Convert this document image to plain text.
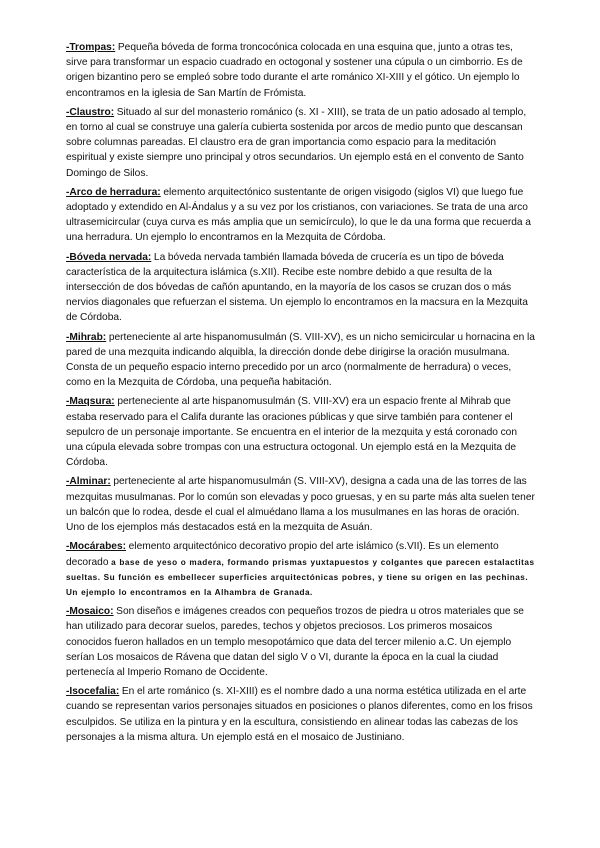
-Trompas: Pequeña bóveda de forma troncocónica colocada en una esquina que, junto a otras tes, sirve para transformar un espacio cuadrado en octogonal y sostener una cúpula o un cimborrio. Es de origen bizantino pero se empleó sobre todo durante el arte románico XI-XIII y el gótico. Un ejemplo lo encontramos en la iglesia de San Martín de Frómista.

-Claustro: Situado al sur del monasterio románico (s. XI - XIII), se trata de un patio adosado al templo, en torno al cual se construye una galería cubierta sostenida por arcos de medio punto que descansan sobre columnas pareadas. El claustro era de gran importancia como espacio para la meditación espiritual y existe siempre uno principal y otros secundarios. Un ejemplo está en el convento de Santo Domingo de Silos.

-Arco de herradura: elemento arquitectónico sustentante de origen visigodo (siglos VI) que luego fue adoptado y extendido en Al-Ándalus y a su vez por los cristianos, con variaciones. Se trata de una arco ultrasemicircular (cuya curva es más amplia que un semicírculo), lo que le da una forma que recuerda a una herradura. Un ejemplo lo encontramos en la Mezquita de Córdoba.

-Bóveda nervada: La bóveda nervada también llamada bóveda de crucería es un tipo de bóveda característica de la arquitectura islámica (s.XII). Recibe este nombre debido a que resulta de la intersección de dos bóvedas de cañón apuntando, en la mayoría de los casos se cruzan dos o más nervios diagonales que refuerzan el sistema. Un ejemplo lo encontramos en la macsura en la Mezquita de Córdoba.

-Mihrab: perteneciente al arte hispanomusulmán (S. VIII-XV), es un nicho semicircular u hornacina en la pared de una mezquita indicando alquibla, la dirección donde debe dirigirse la oración musulmana. Consta de un pequeño espacio interno precedido por un arco (normalmente de herradura) o veces, como en la Mezquita de Córdoba, una pequeña habitación.

-Maqsura: perteneciente al arte hispanomusulmán (S. VIII-XV) era un espacio frente al Mihrab que estaba reservado para el Califa durante las oraciones públicas y que sirve también para contener el sepulcro de un personaje importante. Se encuentra en el interior de la mezquita y está coronado con una cúpula elevada sobre trompas con una estructura octogonal. Un ejemplo está en la Mezquita de Córdoba.

-Alminar: perteneciente al arte hispanomusulmán (S. VIII-XV), designa a cada una de las torres de las mezquitas musulmanas. Por lo común son elevadas y poco gruesas, y en su parte más alta suelen tener un balcón que lo rodea, desde el cual el almuédano llama a los musulmanes en las horas de oración. Uno de los ejemplos más destacados está en la mezquita de Asuán.

-Mocárabes: elemento arquitectónico decorativo propio del arte islámico (s.VII). Es un elemento decorado a base de yeso o madera, formando prismas yuxtapuestos y colgantes que parecen estalactitas sueltas. Su función es embellecer superficies arquitectónicas pobres, y tiene su origen en las pechinas. Un ejemplo lo encontramos en la Alhambra de Granada.

-Mosaico: Son diseños e imágenes creados con pequeños trozos de piedra u otros materiales que se han utilizado para decorar suelos, paredes, techos y objetos preciosos. Los primeros mosaicos conocidos fueron hallados en un templo mesopotámico que data del tercer milenio a.C. Un ejemplo serían Los mosaicos de Rávena que datan del siglo V o VI, durante la época en la cual la ciudad pertenecía al Imperio Romano de Occidente.

-Isocefalia: En el arte románico (s. XI-XIII) es el nombre dado a una norma estética utilizada en el arte cuando se representan varios personajes situados en posiciones o planos diferentes, como en los frisos esculpidos. Se utiliza en la pintura y en la escultura, consistiendo en alinear todas las cabezas de los personajes a la misma altura. Un ejemplo está en el mosaico de Justiniano.
